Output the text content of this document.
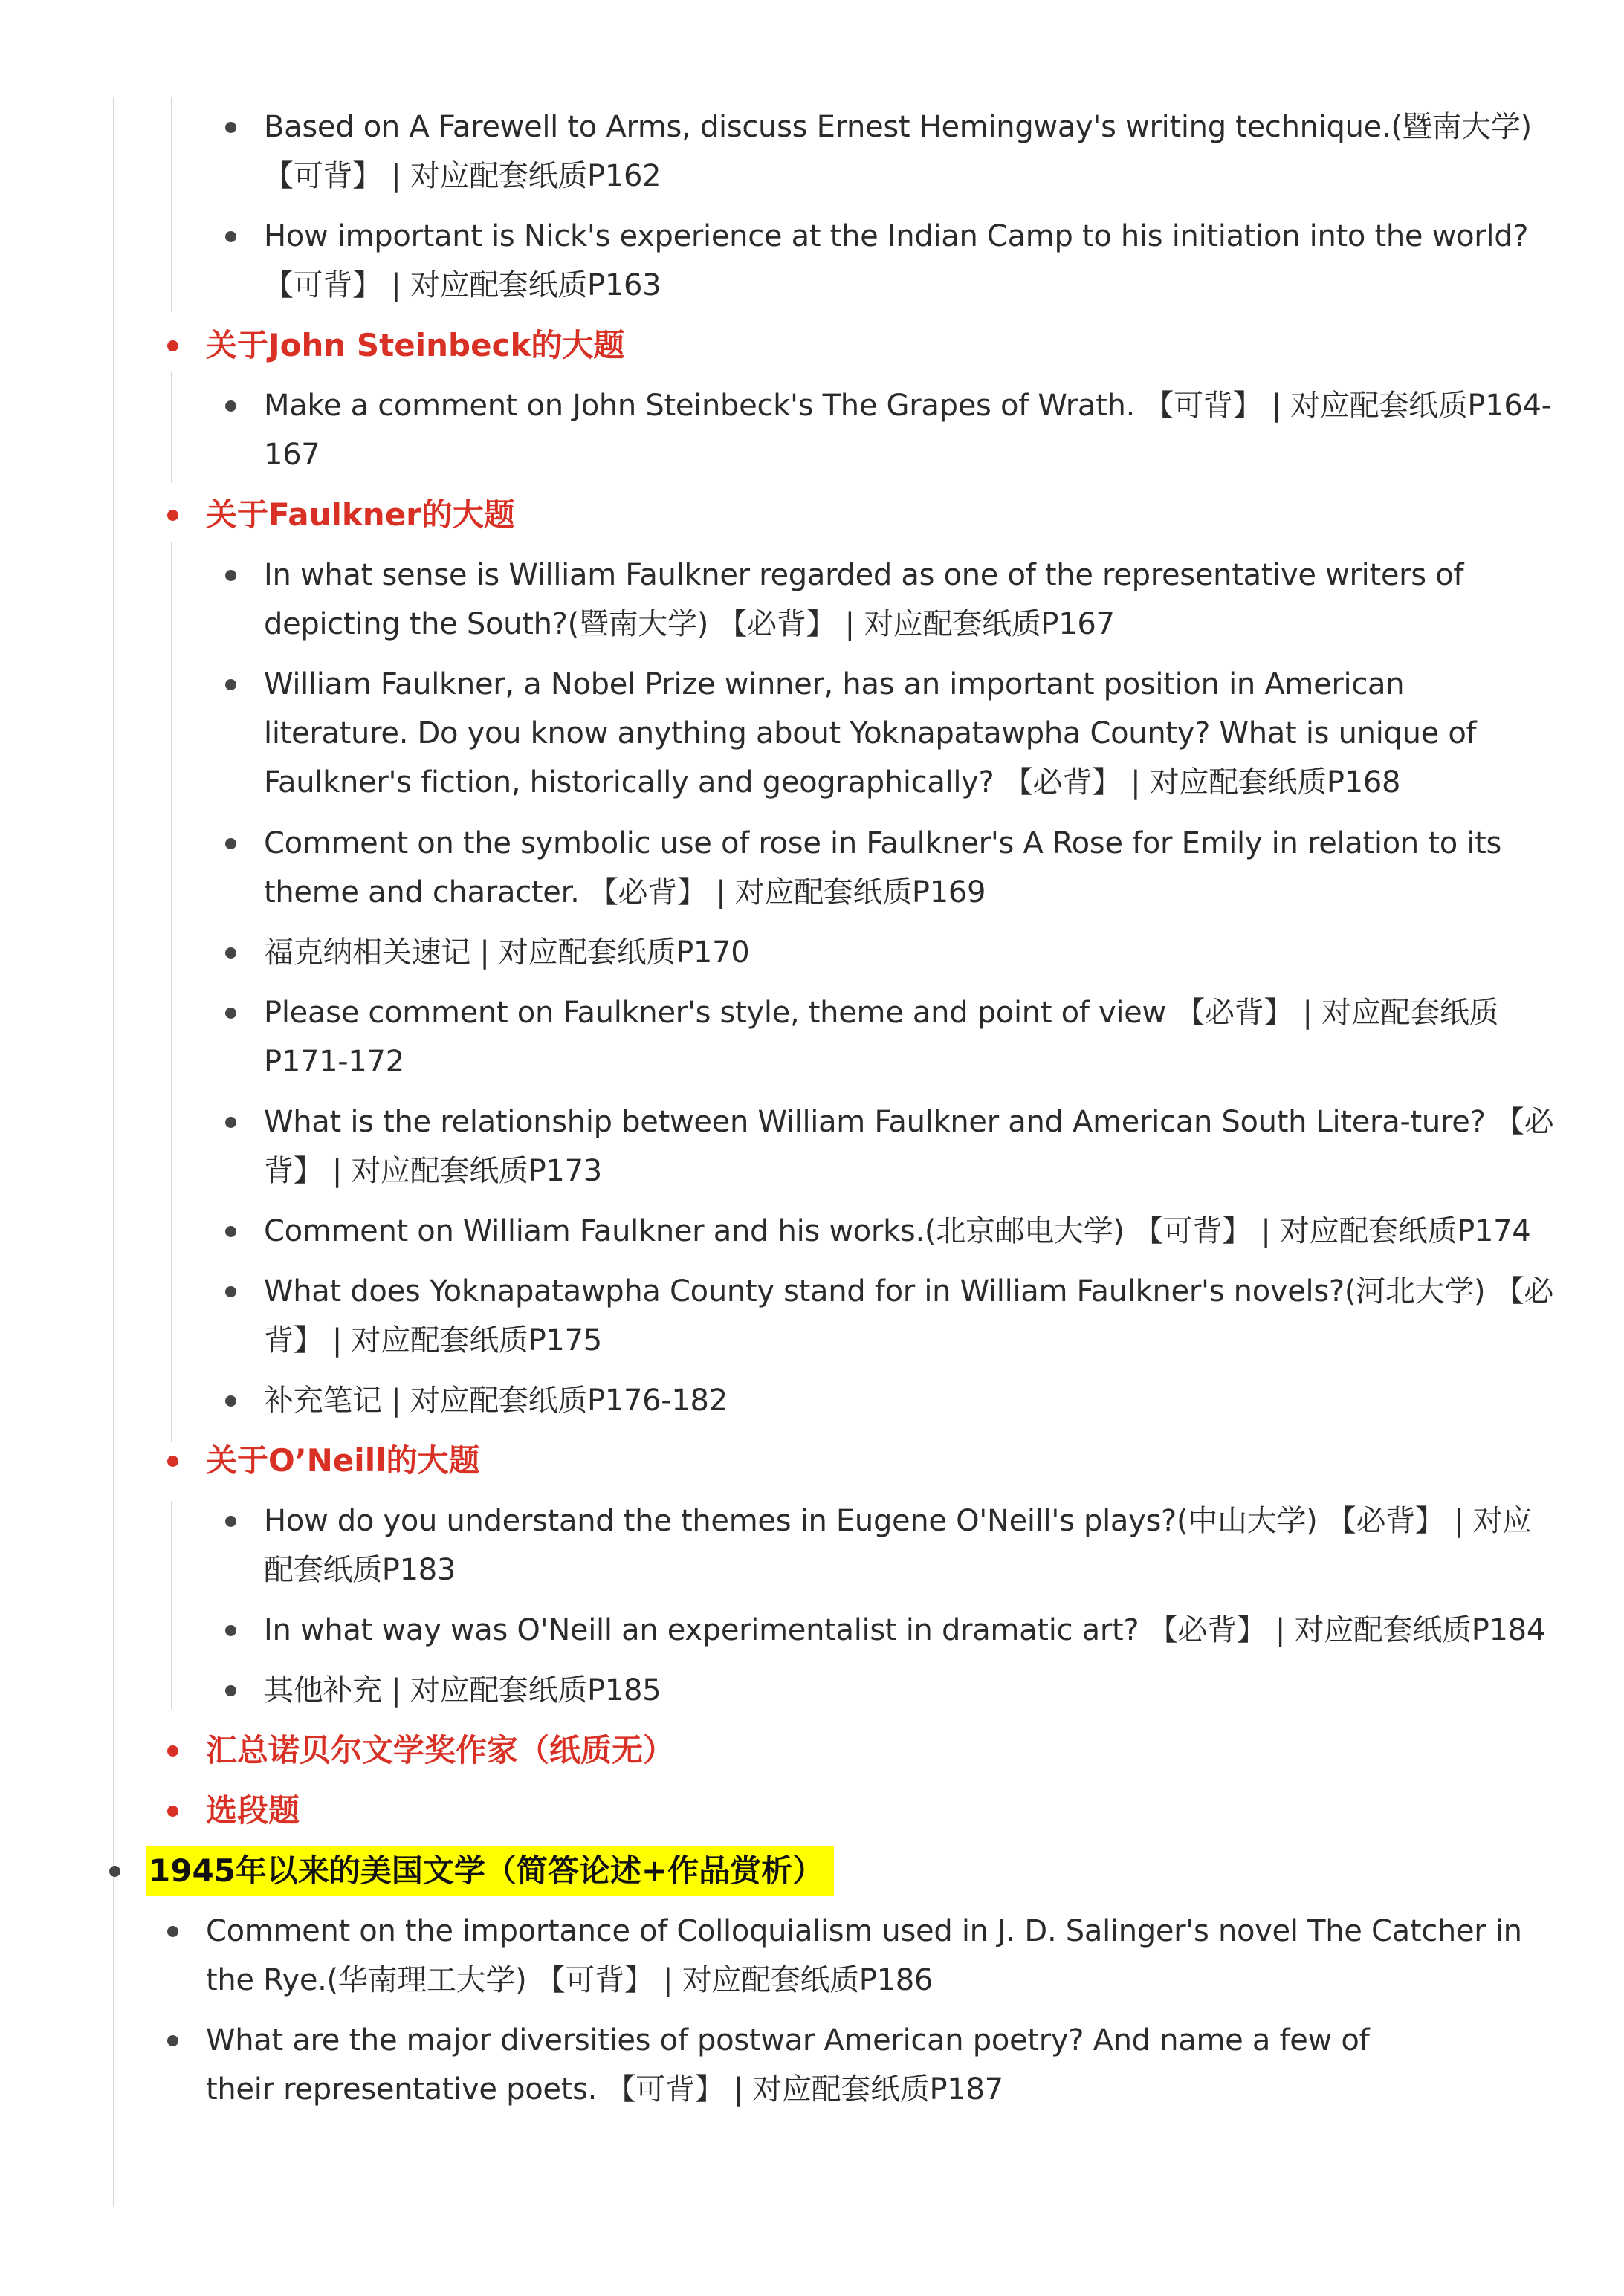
Based on A Farewell to Arms, discuss Ernest Hemingway's writing technique.(暨南大学) 【可背】 | 对应配套纸质P162
How important is Nick's experience at the Indian Camp to his initiation into the world? 【可背】 | 对应配套纸质P163
关于John Steinbeck的大题
Make a comment on John Steinbeck's The Grapes of Wrath. 【可背】 | 对应配套纸质P164-167
关于Faulkner的大题
In what sense is William Faulkner regarded as one of the representative writers of depicting the South?(暨南大学) 【必背】 | 对应配套纸质P167
William Faulkner, a Nobel Prize winner, has an important position in American literature. Do you know anything about Yoknapatawpha County? What is unique of Faulkner's fiction, historically and geographically? 【必背】 | 对应配套纸质P168
Comment on the symbolic use of rose in Faulkner's A Rose for Emily in relation to its theme and character. 【必背】 | 对应配套纸质P169
福克纳相关速记 | 对应配套纸质P170
Please comment on Faulkner's style, theme and point of view 【必背】 | 对应配套纸质P171-172
What is the relationship between William Faulkner and American South Litera-ture? 【必背】 | 对应配套纸质P173
Comment on William Faulkner and his works.(北京邮电大学) 【可背】 | 对应配套纸质P174
What does Yoknapatawpha County stand for in William Faulkner's novels?(河北大学) 【必背】 | 对应配套纸质P175
补充笔记 | 对应配套纸质P176-182
关于O’Neill的大题
How do you understand the themes in Eugene O'Neill's plays?(中山大学) 【必背】 | 对应配套纸质P183
In what way was O'Neill an experimentalist in dramatic art? 【必背】 | 对应配套纸质P184
其他补充 | 对应配套纸质P185
汇总诺贝尔文学奖作家（纸质无）
选段题
1945年以来的美国文学（简答论述+作品赏析）
Comment on the importance of Colloquialism used in J. D. Salinger's novel The Catcher in the Rye.(华南理工大学) 【可背】 | 对应配套纸质P186
What are the major diversities of postwar American poetry? And name a few of their representative poets. 【可背】 | 对应配套纸质P187
